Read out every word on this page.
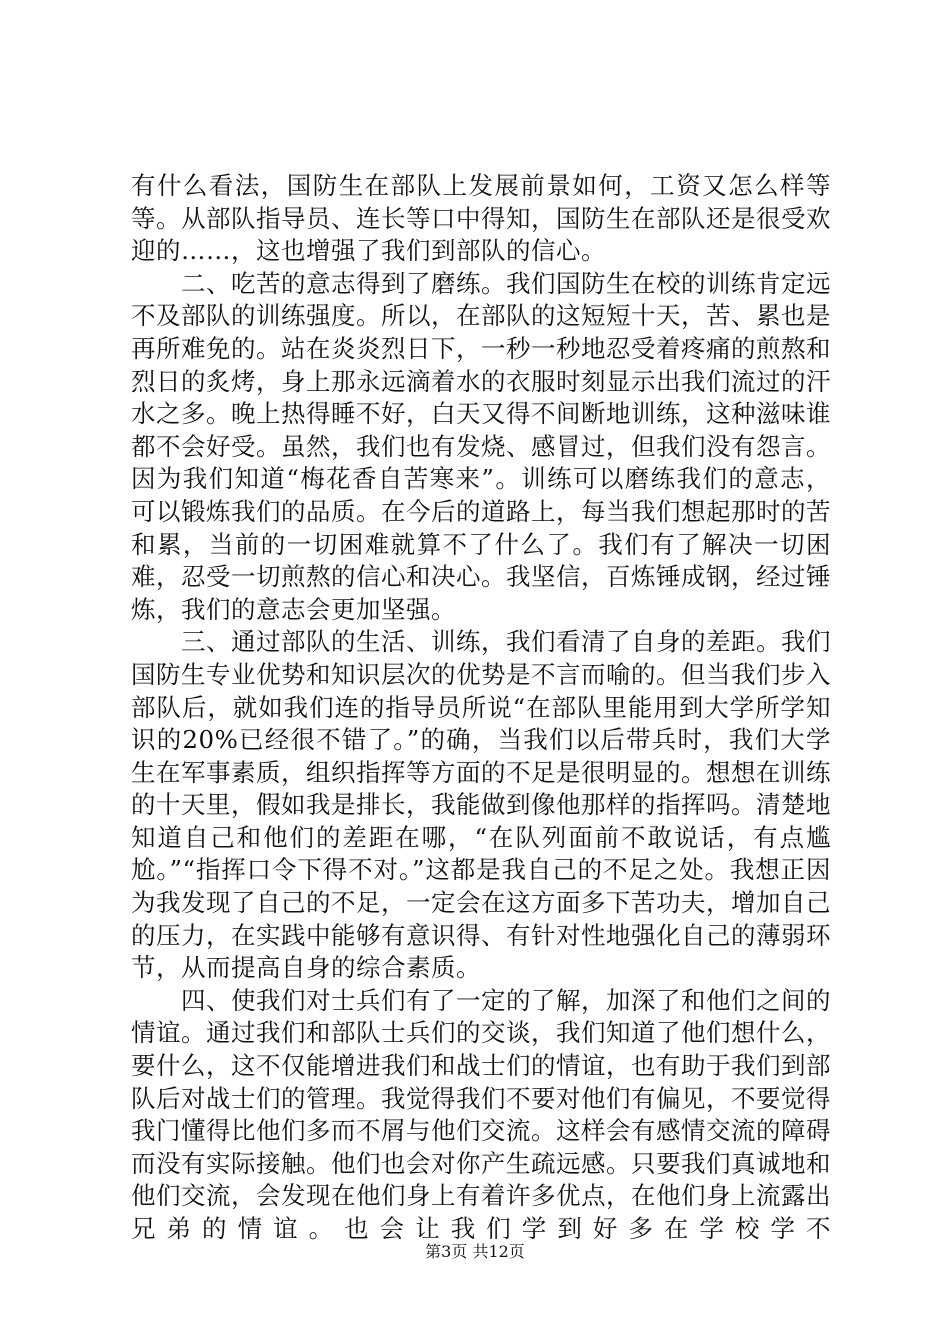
有什么看法，国防生在部队上发展前景如何，工资又怎么样等等。从部队指导员、连长等口中得知，国防生在部队还是很受欢迎的……，这也增强了我们到部队的信心。

　　二、吃苦的意志得到了磨练。我们国防生在校的训练肯定远不及部队的训练强度。所以，在部队的这短短十天，苦、累也是再所难免的。站在炎炎烈日下，一秒一秒地忍受着疼痛的煎熬和烈日的炙烤，身上那永远滴着水的衣服时刻显示出我们流过的汗水之多。晚上热得睡不好，白天又得不间断地训练，这种滋味谁都不会好受。虽然，我们也有发烧、感冒过，但我们没有怨言。因为我们知道“梅花香自苦寒来”。训练可以磨练我们的意志，可以锻炼我们的品质。在今后的道路上，每当我们想起那时的苦和累，当前的一切困难就算不了什么了。我们有了解决一切困难，忍受一切煎熬的信心和决心。我坚信，百炼锤成钢，经过锤炼，我们的意志会更加坚强。

　　三、通过部队的生活、训练，我们看清了自身的差距。我们国防生专业优势和知识层次的优势是不言而喻的。但当我们步入部队后，就如我们连的指导员所说“在部队里能用到大学所学知识的20%已经很不错了。”的确，当我们以后带兵时，我们大学生在军事素质，组织指挥等方面的不足是很明显的。想想在训练的十天里，假如我是排长，我能做到像他那样的指挥吗。清楚地知道自己和他们的差距在哪，“在队列面前不敢说话，有点尴尬。”“指挥口令下得不对。”这都是我自己的不足之处。我想正因为我发现了自己的不足，一定会在这方面多下苦功夫，增加自己的压力，在实践中能够有意识得、有针对性地强化自己的薄弱环节，从而提高自身的综合素质。

　　四、使我们对士兵们有了一定的了解，加深了和他们之间的情谊。通过我们和部队士兵们的交谈，我们知道了他们想什么，要什么，这不仅能增进我们和战士们的情谊，也有助于我们到部队后对战士们的管理。我觉得我们不要对他们有偏见，不要觉得我门懂得比他们多而不屑与他们交流。这样会有感情交流的障碍而没有实际接触。他们也会对你产生疏远感。只要我们真诚地和他们交流，会发现在他们身上有着许多优点，在他们身上流露出兄弟的情谊。也会让我们学到好多在学校学不

第3页 共12页
